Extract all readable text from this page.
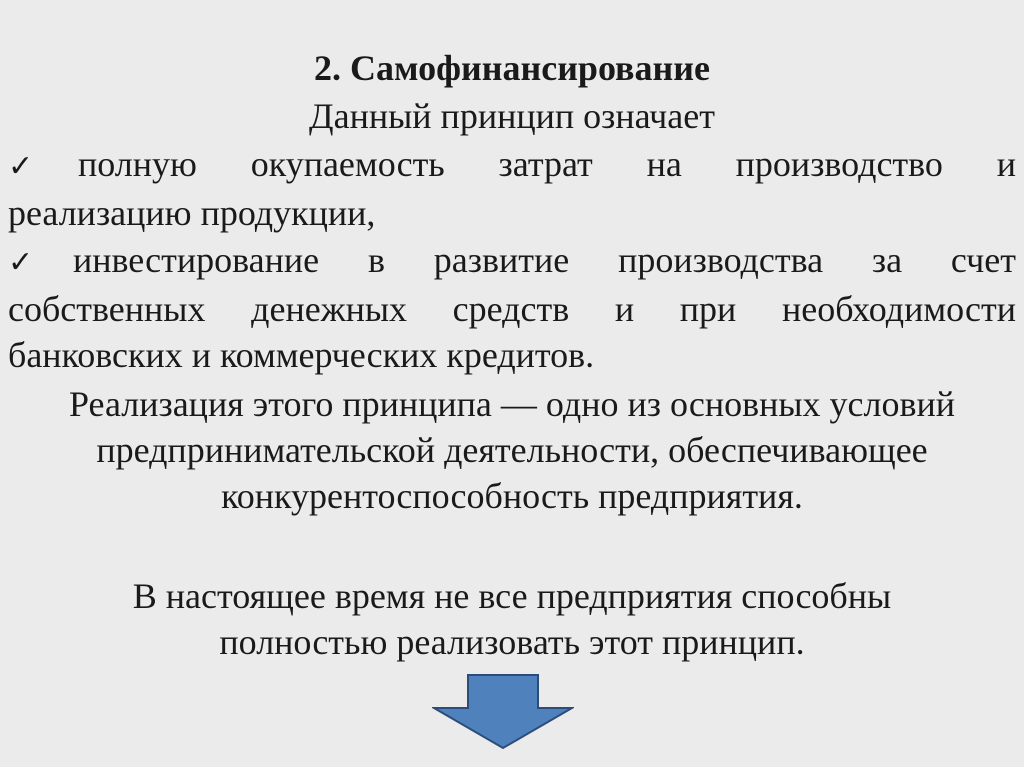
2. Самофинансирование
Данный принцип означает
✓полную окупаемость затрат на производство и
реализацию продукции,
✓инвестирование в развитие производства за счет
собственных денежных средств и при необходимости
банковских и коммерческих кредитов.
Реализация этого принципа — одно из основных условий
предпринимательской деятельности, обеспечивающее
конкурентоспособность предприятия.
В настоящее время не все предприятия способны
полностью реализовать этот принцип.
